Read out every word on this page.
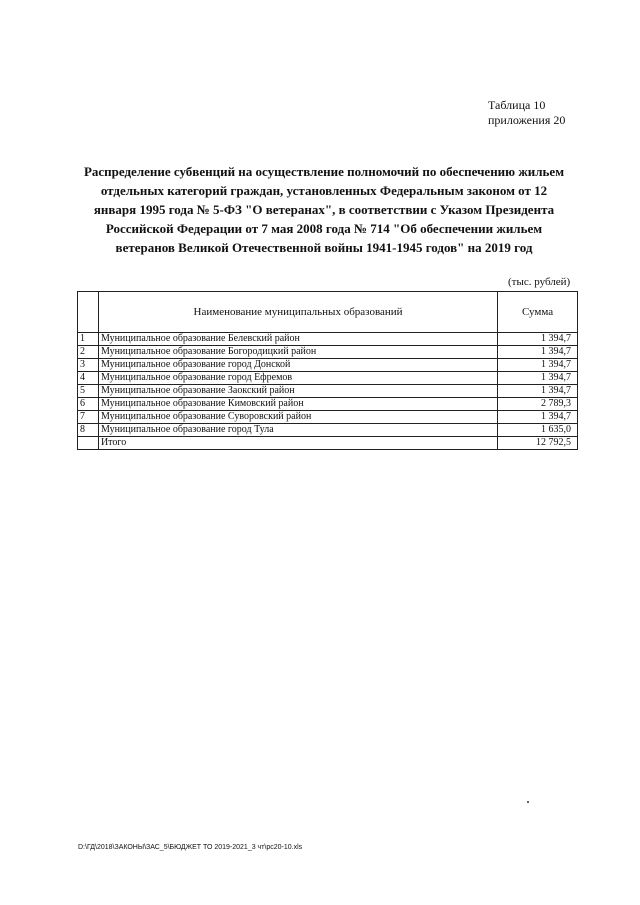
Таблица 10
приложения 20
Распределение субвенций на осуществление полномочий по обеспечению жильем отдельных категорий граждан, установленных Федеральным законом от 12 января 1995 года № 5-ФЗ "О ветеранах", в соответствии с Указом Президента Российской Федерации от 7 мая 2008 года № 714 "Об обеспечении жильем ветеранов Великой Отечественной войны 1941-1945 годов" на 2019 год
(тыс. рублей)
	Наименование муниципальных образований	Сумма
1	Муниципальное образование Белевский район	1 394,7
2	Муниципальное образование Богородицкий район	1 394,7
3	Муниципальное образование город Донской	1 394,7
4	Муниципальное образование город Ефремов	1 394,7
5	Муниципальное образование Заокский район	1 394,7
6	Муниципальное образование Кимовский район	2 789,3
7	Муниципальное образование Суворовский район	1 394,7
8	Муниципальное образование город Тула	1 635,0
	Итого	12 792,5
D:\ГД\2018\ЗАКОНЫ\ЗАС_5\БЮДЖЕТ ТО 2019-2021_3 чт\рс20-10.xls
